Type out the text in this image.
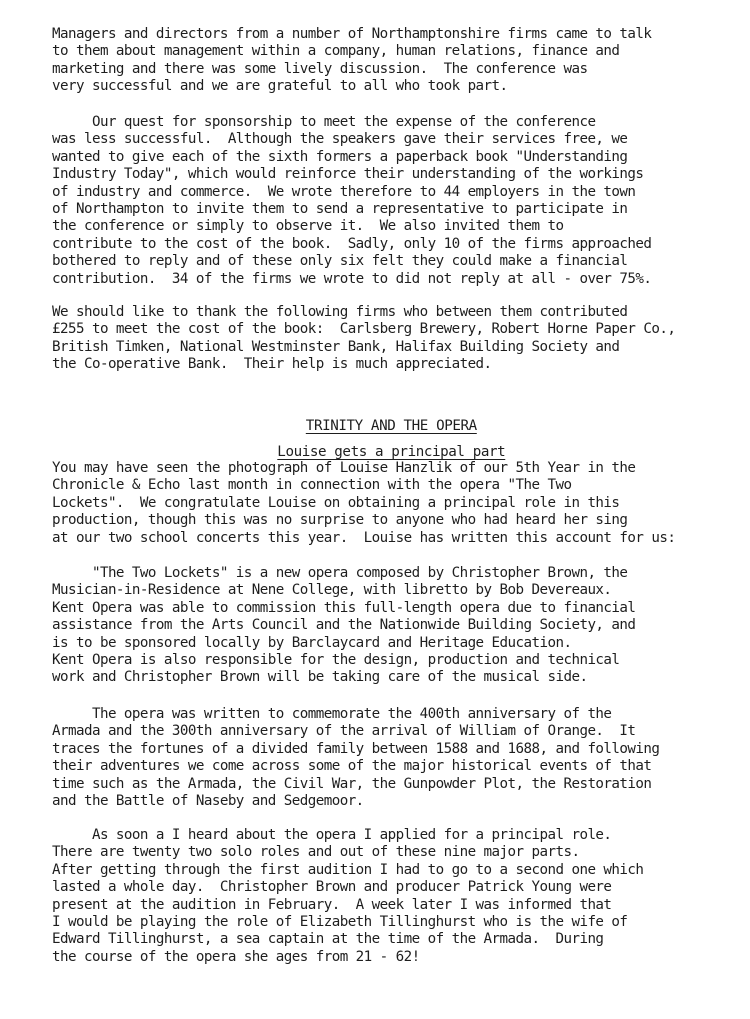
Managers and directors from a number of Northamptonshire firms came to talk
to them about management within a company, human relations, finance and
marketing and there was some lively discussion.  The conference was
very successful and we are grateful to all who took part.
Our quest for sponsorship to meet the expense of the conference
was less successful.  Although the speakers gave their services free, we
wanted to give each of the sixth formers a paperback book "Understanding
Industry Today", which would reinforce their understanding of the workings
of industry and commerce.  We wrote therefore to 44 employers in the town
of Northampton to invite them to send a representative to participate in
the conference or simply to observe it.  We also invited them to
contribute to the cost of the book.  Sadly, only 10 of the firms approached
bothered to reply and of these only six felt they could make a financial
contribution.  34 of the firms we wrote to did not reply at all - over 75%.
We should like to thank the following firms who between them contributed
£255 to meet the cost of the book:  Carlsberg Brewery, Robert Horne Paper Co.,
British Timken, National Westminster Bank, Halifax Building Society and
the Co-operative Bank.  Their help is much appreciated.

TRINITY AND THE OPERA

Louise gets a principal part

You may have seen the photograph of Louise Hanzlik of our 5th Year in the
Chronicle & Echo last month in connection with the opera "The Two
Lockets".  We congratulate Louise on obtaining a principal role in this
production, though this was no surprise to anyone who had heard her sing
at our two school concerts this year.  Louise has written this account for us:
"The Two Lockets" is a new opera composed by Christopher Brown, the
Musician-in-Residence at Nene College, with libretto by Bob Devereaux.
Kent Opera was able to commission this full-length opera due to financial
assistance from the Arts Council and the Nationwide Building Society, and
is to be sponsored locally by Barclaycard and Heritage Education.
Kent Opera is also responsible for the design, production and technical
work and Christopher Brown will be taking care of the musical side.
The opera was written to commemorate the 400th anniversary of the
Armada and the 300th anniversary of the arrival of William of Orange.  It
traces the fortunes of a divided family between 1588 and 1688, and following
their adventures we come across some of the major historical events of that
time such as the Armada, the Civil War, the Gunpowder Plot, the Restoration
and the Battle of Naseby and Sedgemoor.
As soon a I heard about the opera I applied for a principal role.
There are twenty two solo roles and out of these nine major parts.
After getting through the first audition I had to go to a second one which
lasted a whole day.  Christopher Brown and producer Patrick Young were
present at the audition in February.  A week later I was informed that
I would be playing the role of Elizabeth Tillinghurst who is the wife of
Edward Tillinghurst, a sea captain at the time of the Armada.  During
the course of the opera she ages from 21 - 62!
